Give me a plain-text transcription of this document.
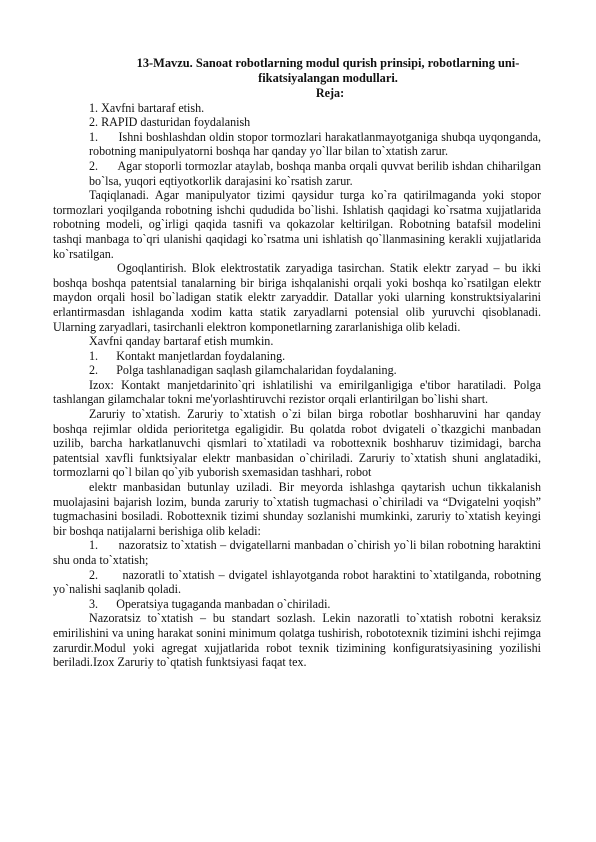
13-Mavzu. Sanoat robotlarning modul qurish prinsipi, robotlarning uni-fikatsiyalangan modullari.
Reja:
1. Xavfni bartaraf etish.
2. RAPID dasturidan foydalanish

1.      Ishni boshlashdan oldin stopor tormozlari harakatlanmayotganiga shubqa uyqonganda, robotning manipulyatorni boshqa har qanday yo`llar bilan to`xtatish zarur.

2.      Agar stoporli tormozlar ataylab, boshqa manba orqali quvvat berilib ishdan chiharilgan bo`lsa, yuqori eqtiyotkorlik darajasini ko`rsatish zarur.

Taqiqlanadi. Agar manipulyator tizimi qaysidur turga ko`ra qatirilmaganda yoki stopor tormozlari yoqilganda robotning ishchi qududida bo`lishi. Ishlatish qaqidagi ko`rsatma xujjatlarida robotning modeli, og`irligi qaqida tasnifi va qokazolar keltirilgan. Robotning batafsil modelini tashqi manbaga to`qri ulanishi qaqidagi ko`rsatma uni ishlatish qo`llanmasining kerakli xujjatlarida ko`rsatilgan.

Ogoqlantirish. Blok elektrostatik zaryadiga tasirchan. Statik elektr zaryad – bu ikki boshqa boshqa patentsial tanalarning bir biriga ishqalanishi orqali yoki boshqa ko`rsatilgan elektr maydon orqali hosil bo`ladigan statik elektr zaryaddir. Datallar yoki ularning konstruktsiyalarini erlantirmasdan ishlaganda xodim katta statik zaryadlarni potensial olib yuruvchi qisoblanadi. Ularning zaryadlari, tasirchanli elektron komponetlarning zararlanishiga olib keladi.

Xavfni qanday bartaraf etish mumkin.

1.      Kontakt manjetlardan foydalaning.

2.      Polga tashlanadigan saqlash gilamchalaridan foydalaning.

Izox: Kontakt manjetdarinito`qri ishlatilishi va emirilganligiga e'tibor haratiladi. Polga tashlangan gilamchalar tokni me'yorlashtiruvchi rezistor orqali erlantirilgan bo`lishi shart.

Zaruriy to`xtatish. Zaruriy to`xtatish o`zi bilan birga robotlar boshharuvini har qanday boshqa rejimlar oldida perioritetga egaligidir. Bu qolatda robot dvigateli o`tkazgichi manbadan uzilib, barcha harkatlanuvchi qismlari to`xtatiladi va robottexnik boshharuv tizimidagi, barcha patentsial xavfli funktsiyalar elektr manbasidan o`chiriladi. Zaruriy to`xtatish shuni anglatadiki, tormozlarni qo`l bilan qo`yib yuborish sxemasidan tashhari, robot

elektr manbasidan butunlay uziladi. Bir meyorda ishlashga qaytarish uchun tikkalanish muolajasini bajarish lozim, bunda zaruriy to`xtatish tugmachasi o`chiriladi va “Dvigatelni yoqish” tugmachasini bosiladi. Robottexnik tizimi shunday sozlanishi mumkinki, zaruriy to`xtatish keyingi bir boshqa natijalarni berishiga olib keladi:

1.      nazoratsiz to`xtatish – dvigatellarni manbadan o`chirish yo`li bilan robotning haraktini shu onda to`xtatish;

2.      nazoratli to`xtatish – dvigatel ishlayotganda robot haraktini to`xtatilganda, robotning yo`nalishi saqlanib qoladi.

3.      Operatsiya tugaganda manbadan o`chiriladi.

Nazoratsiz to`xtatish – bu standart sozlash. Lekin nazoratli to`xtatish robotni keraksiz emirilishini va uning harakat sonini minimum qolatga tushirish, robototexnik tizimini ishchi rejimga zarurdir.Modul yoki agregat xujjatlarida robot texnik tizimining konfiguratsiyasining yozilishi beriladi.Izox Zaruriy to`qtatish funktsiyasi faqat tex.
